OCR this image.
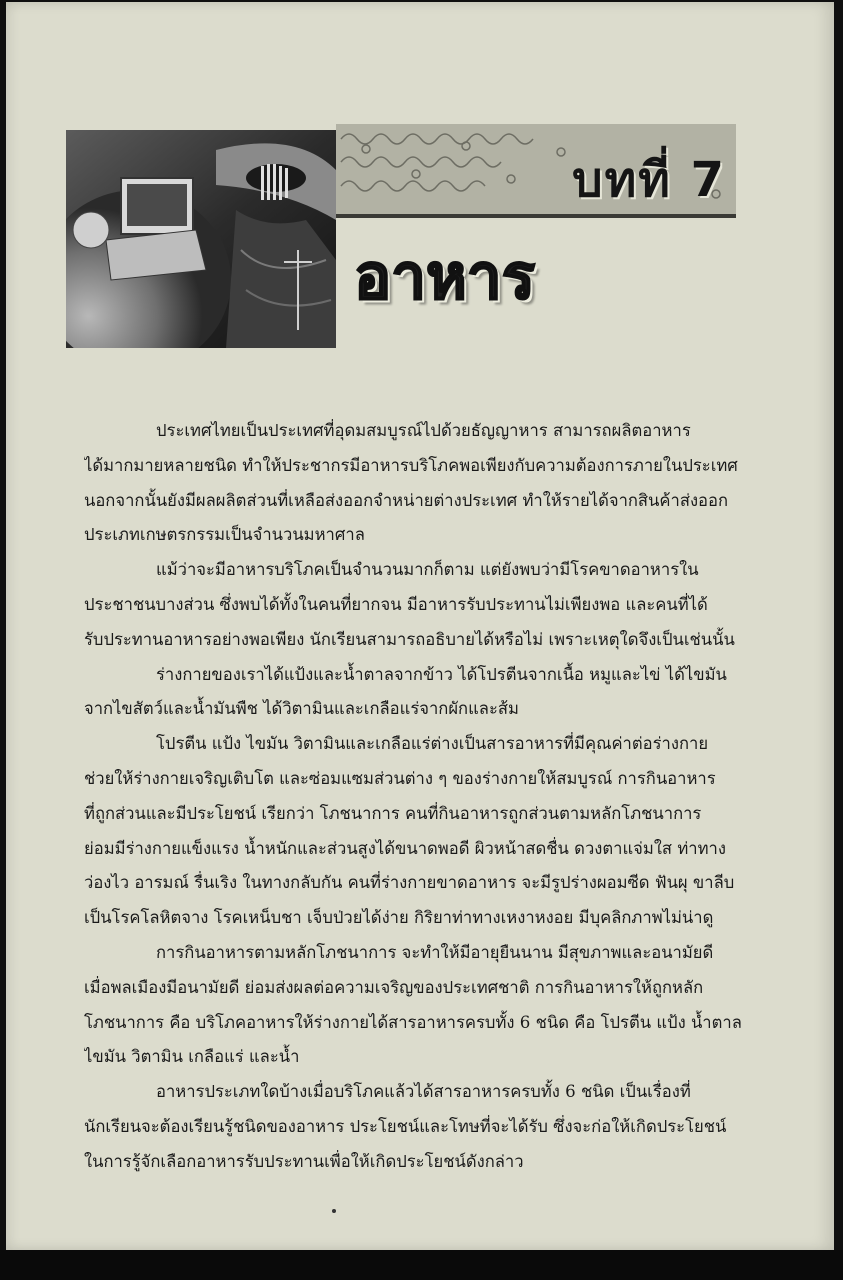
บทที่ 7
อาหาร
ประเทศไทยเป็นประเทศที่อุดมสมบูรณ์ไปด้วยธัญญาหาร สามารถผลิตอาหาร
ได้มากมายหลายชนิด ทำให้ประชากรมีอาหารบริโภคพอเพียงกับความต้องการภายในประเทศ
นอกจากนั้นยังมีผลผลิตส่วนที่เหลือส่งออกจำหน่ายต่างประเทศ ทำให้รายได้จากสินค้าส่งออก
ประเภทเกษตรกรรมเป็นจำนวนมหาศาล
แม้ว่าจะมีอาหารบริโภคเป็นจำนวนมากก็ตาม แต่ยังพบว่ามีโรคขาดอาหารใน
ประชาชนบางส่วน ซึ่งพบได้ทั้งในคนที่ยากจน มีอาหารรับประทานไม่เพียงพอ และคนที่ได้
รับประทานอาหารอย่างพอเพียง นักเรียนสามารถอธิบายได้หรือไม่ เพราะเหตุใดจึงเป็นเช่นนั้น
ร่างกายของเราได้แป้งและน้ำตาลจากข้าว ได้โปรตีนจากเนื้อ หมูและไข่ ได้ไขมัน
จากไขสัตว์และน้ำมันพืช ได้วิตามินและเกลือแร่จากผักและส้ม
โปรตีน แป้ง ไขมัน วิตามินและเกลือแร่ต่างเป็นสารอาหารที่มีคุณค่าต่อร่างกาย
ช่วยให้ร่างกายเจริญเติบโต และซ่อมแซมส่วนต่าง ๆ ของร่างกายให้สมบูรณ์ การกินอาหาร
ที่ถูกส่วนและมีประโยชน์ เรียกว่า โภชนาการ คนที่กินอาหารถูกส่วนตามหลักโภชนาการ
ย่อมมีร่างกายแข็งแรง น้ำหนักและส่วนสูงได้ขนาดพอดี ผิวหน้าสดชื่น ดวงตาแจ่มใส ท่าทาง
ว่องไว อารมณ์ รื่นเริง ในทางกลับกัน คนที่ร่างกายขาดอาหาร จะมีรูปร่างผอมซีด ฟันผุ ขาลีบ
เป็นโรคโลหิตจาง โรคเหน็บชา เจ็บป่วยได้ง่าย กิริยาท่าทางเหงาหงอย มีบุคลิกภาพไม่น่าดู
การกินอาหารตามหลักโภชนาการ จะทำให้มีอายุยืนนาน มีสุขภาพและอนามัยดี
เมื่อพลเมืองมีอนามัยดี ย่อมส่งผลต่อความเจริญของประเทศชาติ การกินอาหารให้ถูกหลัก
โภชนาการ คือ บริโภคอาหารให้ร่างกายได้สารอาหารครบทั้ง 6 ชนิด คือ โปรตีน แป้ง น้ำตาล
ไขมัน วิตามิน เกลือแร่ และน้ำ
อาหารประเภทใดบ้างเมื่อบริโภคแล้วได้สารอาหารครบทั้ง 6 ชนิด เป็นเรื่องที่
นักเรียนจะต้องเรียนรู้ชนิดของอาหาร ประโยชน์และโทษที่จะได้รับ ซึ่งจะก่อให้เกิดประโยชน์
ในการรู้จักเลือกอาหารรับประทานเพื่อให้เกิดประโยชน์ดังกล่าว
